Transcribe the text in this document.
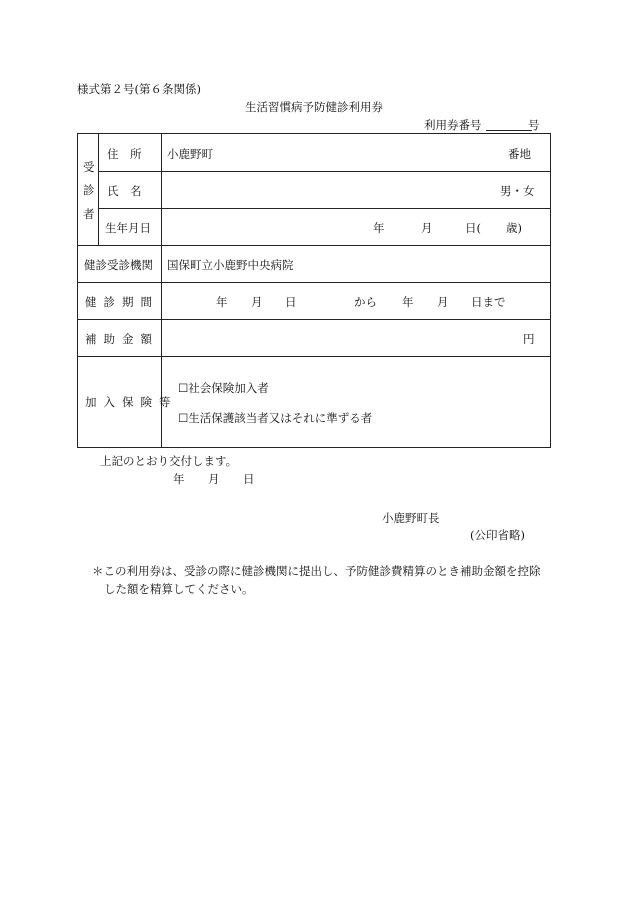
様式第２号(第６条関係)
生活習慣病予防健診利用券
利用券番号	号
受
診
者
住　所 小鹿野町	番地
氏　名	男・女
生年月日	年	月	日( 歳)
健診受診機関 国保町立小鹿野中央病院
健診期間	年 月 日	から 年 月 日まで
補助金額	円
加入保険等
☐社会保険加入者
☐生活保護該当者又はそれに準ずる者
上記のとおり交付します。
年 月 日
小鹿野町長
(公印省略)
＊この利用券は、受診の際に健診機関に提出し、予防健診費精算のとき補助金額を控除
した額を精算してください。
